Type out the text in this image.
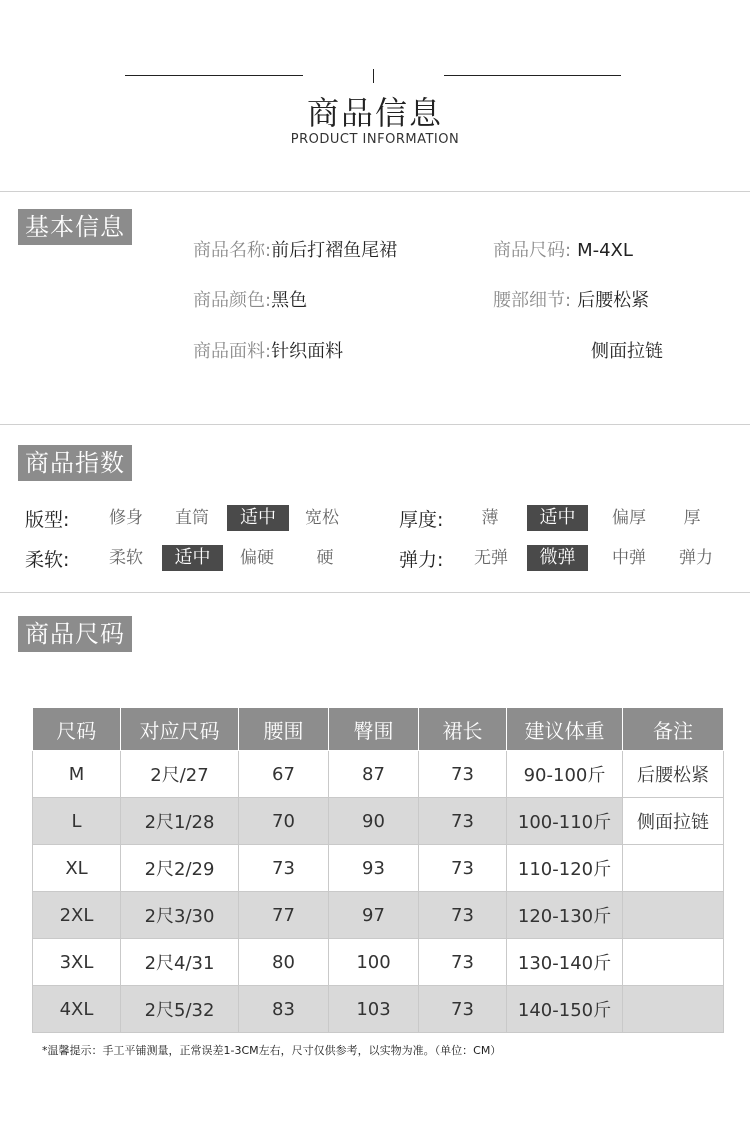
商品信息
PRODUCT INFORMATION
基本信息
商品名称:前后打褶鱼尾裙	商品尺码: M-4XL
商品颜色:黑色	腰部细节: 后腰松紧
商品面料:针织面料	侧面拉链
商品指数
版型:	修身	直筒	适中	宽松	厚度:	薄	适中	偏厚	厚
柔软:	柔软	适中	偏硬	硬	弹力:	无弹	微弹	中弹	弹力
商品尺码
尺码	对应尺码	腰围	臀围	裙长	建议体重	备注
M	2尺/27	67	87	73	90-100斤	后腰松紧
L	2尺1/28	70	90	73	100-110斤	侧面拉链
XL	2尺2/29	73	93	73	110-120斤	
2XL	2尺3/30	77	97	73	120-130斤	
3XL	2尺4/31	80	100	73	130-140斤	
4XL	2尺5/32	83	103	73	140-150斤	
*温馨提示：手工平铺测量，正常误差1-3CM左右，尺寸仅供参考，以实物为准。（单位：CM）
